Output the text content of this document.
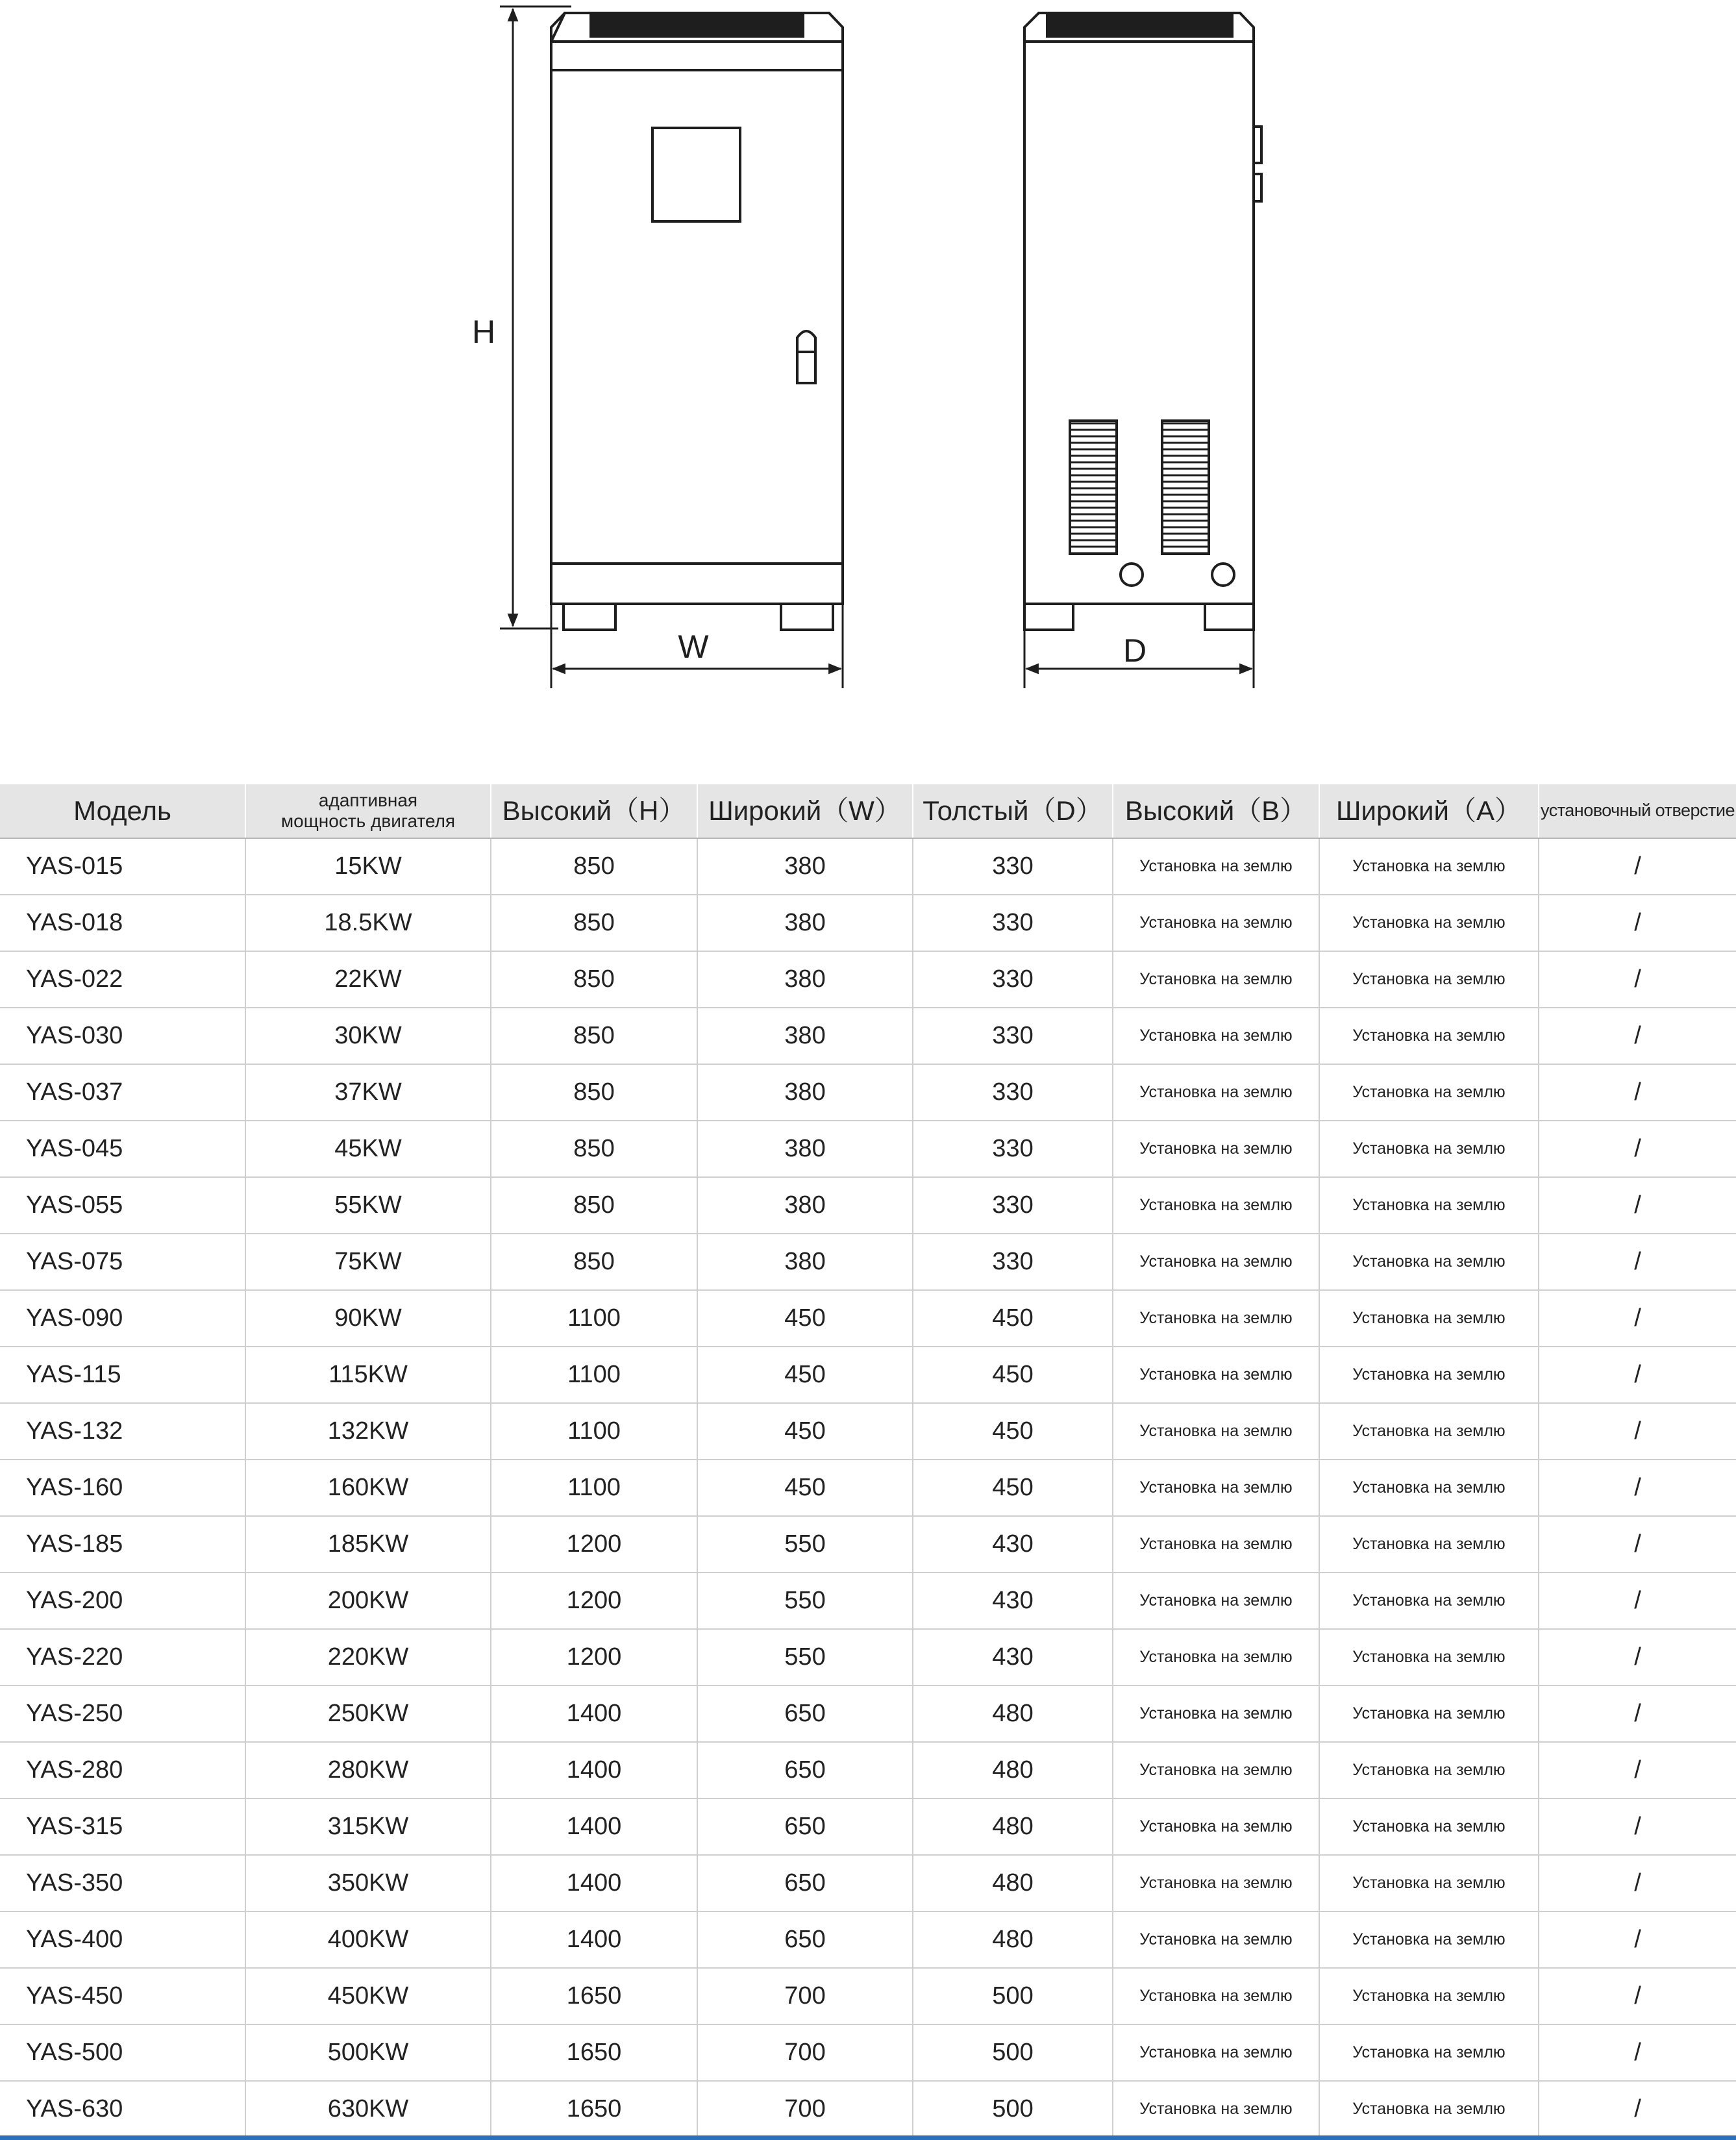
H
W	D
Модель	адаптивная
мощность двигателя	Высокий（H）	Широкий（W）	Толстый（D）	Высокий（B）	Широкий（A）	установочный отверстие
YAS-015	15KW	850	380	330	Установка на землю	Установка на землю	/
YAS-018	18.5KW	850	380	330	Установка на землю	Установка на землю	/
YAS-022	22KW	850	380	330	Установка на землю	Установка на землю	/
YAS-030	30KW	850	380	330	Установка на землю	Установка на землю	/
YAS-037	37KW	850	380	330	Установка на землю	Установка на землю	/
YAS-045	45KW	850	380	330	Установка на землю	Установка на землю	/
YAS-055	55KW	850	380	330	Установка на землю	Установка на землю	/
YAS-075	75KW	850	380	330	Установка на землю	Установка на землю	/
YAS-090	90KW	1100	450	450	Установка на землю	Установка на землю	/
YAS-115	115KW	1100	450	450	Установка на землю	Установка на землю	/
YAS-132	132KW	1100	450	450	Установка на землю	Установка на землю	/
YAS-160	160KW	1100	450	450	Установка на землю	Установка на землю	/
YAS-185	185KW	1200	550	430	Установка на землю	Установка на землю	/
YAS-200	200KW	1200	550	430	Установка на землю	Установка на землю	/
YAS-220	220KW	1200	550	430	Установка на землю	Установка на землю	/
YAS-250	250KW	1400	650	480	Установка на землю	Установка на землю	/
YAS-280	280KW	1400	650	480	Установка на землю	Установка на землю	/
YAS-315	315KW	1400	650	480	Установка на землю	Установка на землю	/
YAS-350	350KW	1400	650	480	Установка на землю	Установка на землю	/
YAS-400	400KW	1400	650	480	Установка на землю	Установка на землю	/
YAS-450	450KW	1650	700	500	Установка на землю	Установка на землю	/
YAS-500	500KW	1650	700	500	Установка на землю	Установка на землю	/
YAS-630	630KW	1650	700	500	Установка на землю	Установка на землю	/
